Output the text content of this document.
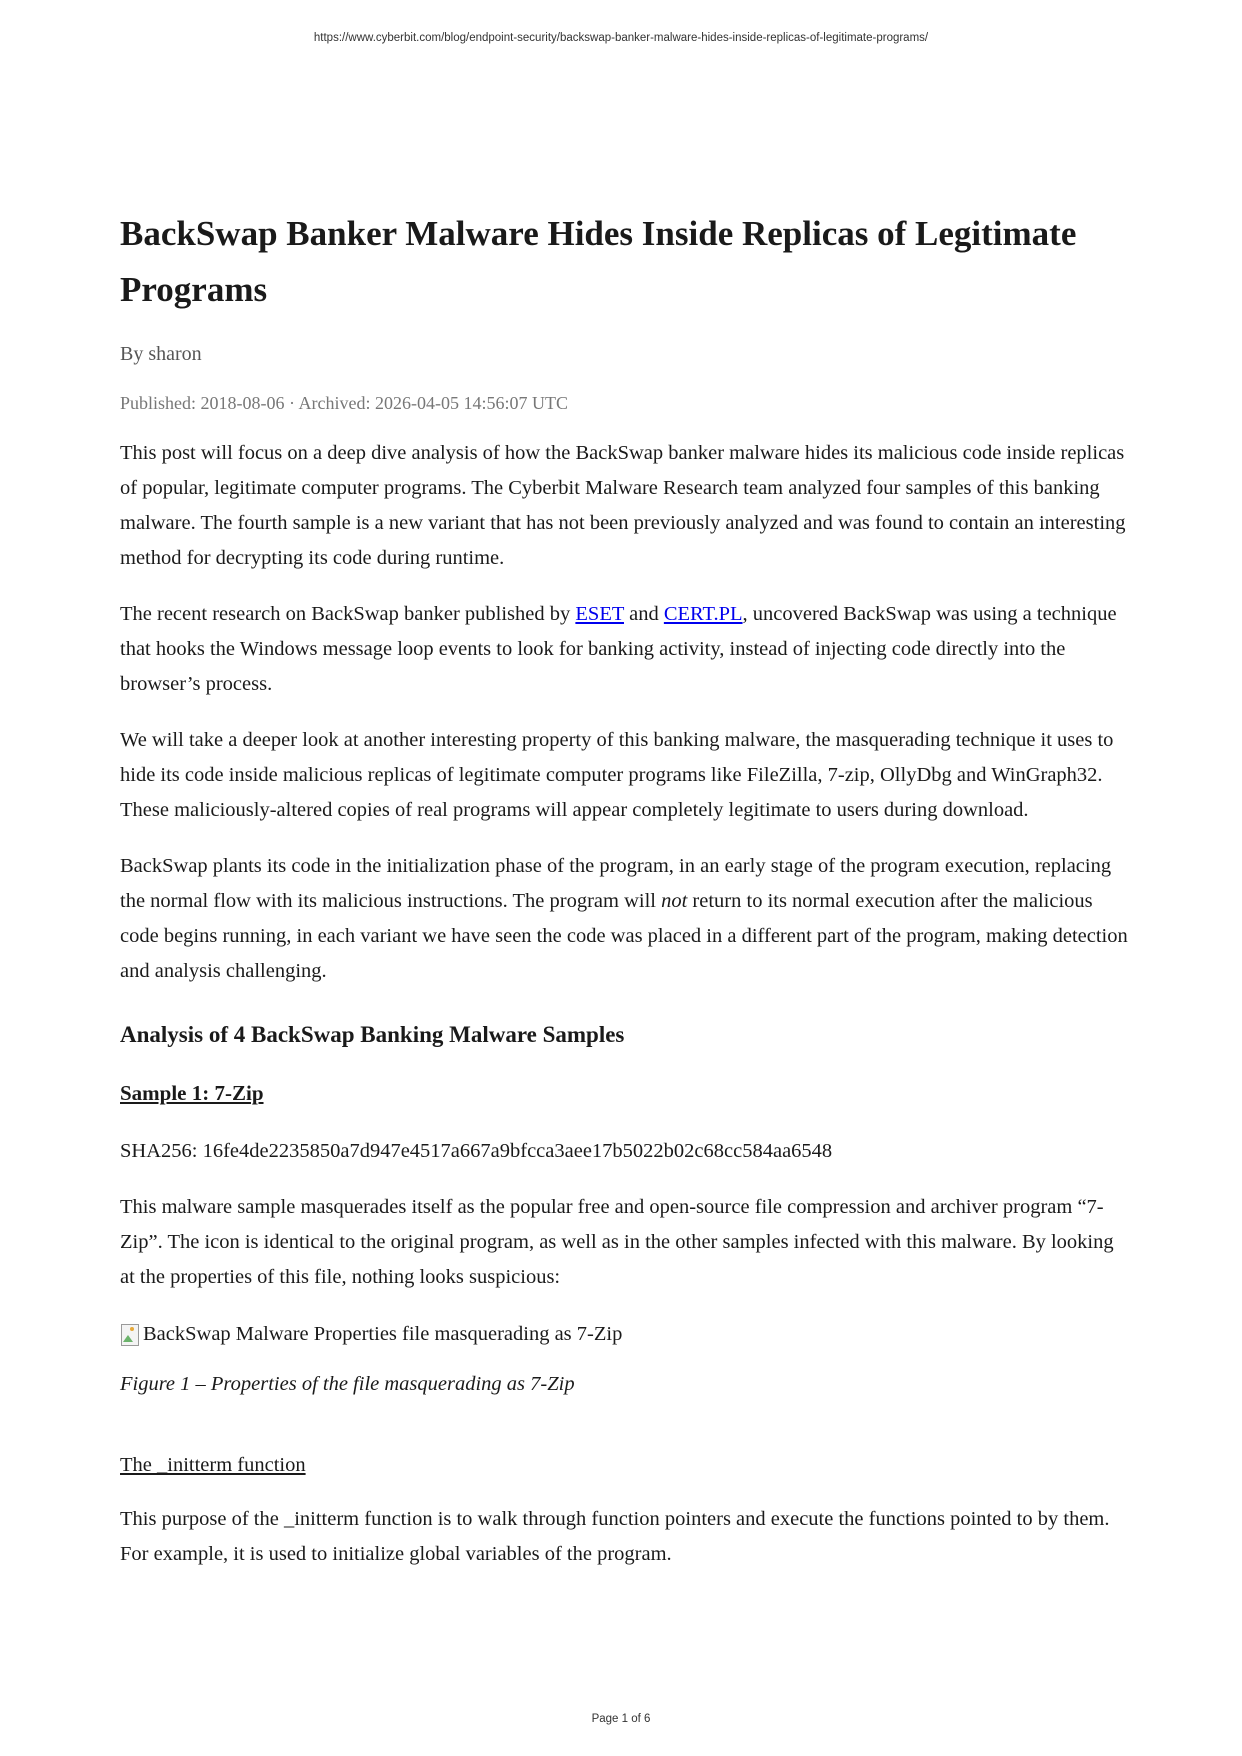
https://www.cyberbit.com/blog/endpoint-security/backswap-banker-malware-hides-inside-replicas-of-legitimate-programs/
BackSwap Banker Malware Hides Inside Replicas of Legitimate Programs
By sharon
Published: 2018-08-06 · Archived: 2026-04-05 14:56:07 UTC

This post will focus on a deep dive analysis of how the BackSwap banker malware hides its malicious code inside replicas of popular, legitimate computer programs. The Cyberbit Malware Research team analyzed four samples of this banking malware. The fourth sample is a new variant that has not been previously analyzed and was found to contain an interesting method for decrypting its code during runtime.

The recent research on BackSwap banker published by ESET and CERT.PL, uncovered BackSwap was using a technique that hooks the Windows message loop events to look for banking activity, instead of injecting code directly into the browser’s process.

We will take a deeper look at another interesting property of this banking malware, the masquerading technique it uses to hide its code inside malicious replicas of legitimate computer programs like FileZilla, 7-zip, OllyDbg and WinGraph32. These maliciously-altered copies of real programs will appear completely legitimate to users during download.

BackSwap plants its code in the initialization phase of the program, in an early stage of the program execution, replacing the normal flow with its malicious instructions. The program will not return to its normal execution after the malicious code begins running, in each variant we have seen the code was placed in a different part of the program, making detection and analysis challenging.

Analysis of 4 BackSwap Banking Malware Samples
Sample 1: 7-Zip

SHA256: 16fe4de2235850a7d947e4517a667a9bfcca3aee17b5022b02c68cc584aa6548

This malware sample masquerades itself as the popular free and open-source file compression and archiver program “7-Zip”. The icon is identical to the original program, as well as in the other samples infected with this malware. By looking at the properties of this file, nothing looks suspicious:

BackSwap Malware Properties file masquerading as 7-Zip
Figure 1 – Properties of the file masquerading as 7-Zip
The _initterm function

This purpose of the _initterm function is to walk through function pointers and execute the functions pointed to by them. For example, it is used to initialize global variables of the program.

Page 1 of 6
